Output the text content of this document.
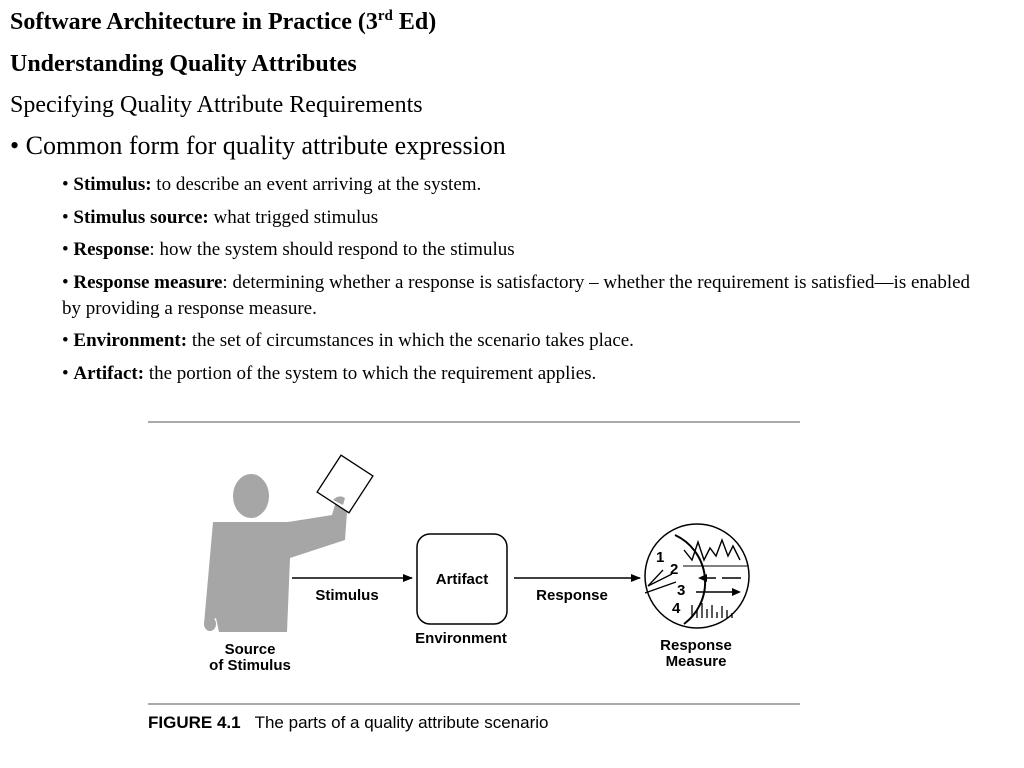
Software Architecture in Practice (3rd Ed)
Understanding Quality Attributes
Specifying Quality Attribute Requirements
• Common form for quality attribute expression
• Stimulus: to describe an event arriving at the system.
• Stimulus source: what trigged stimulus
• Response: how the system should respond to the stimulus
• Response measure: determining whether a response is satisfactory – whether the requirement is satisfied—is enabled by providing a response measure.
• Environment: the set of circumstances in which the scenario takes place.
• Artifact: the portion of the system to which the requirement applies.
1
2
3
4
Source
of Stimulus
Stimulus
Artifact
Environment
Response
Response
Measure
FIGURE 4.1 The parts of a quality attribute scenario
